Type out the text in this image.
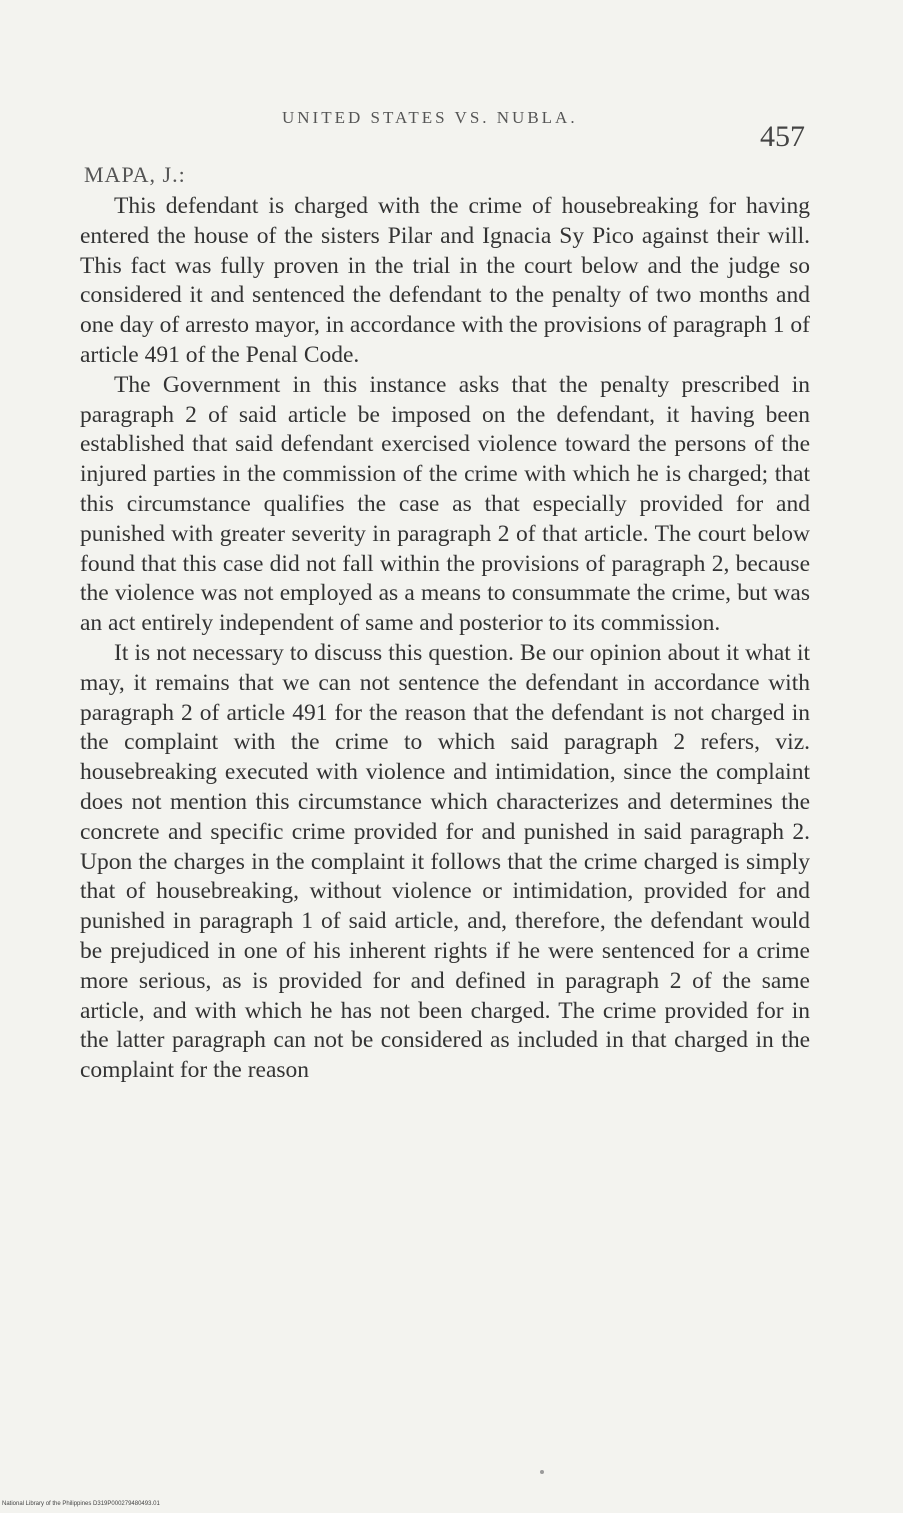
UNITED STATES VS. NUBLA.
457
MAPA, J.:

This defendant is charged with the crime of housebreaking for having entered the house of the sisters Pilar and Ignacia Sy Pico against their will. This fact was fully proven in the trial in the court below and the judge so considered it and sentenced the defendant to the penalty of two months and one day of arresto mayor, in accordance with the provisions of paragraph 1 of article 491 of the Penal Code.

The Government in this instance asks that the penalty prescribed in paragraph 2 of said article be imposed on the defendant, it having been established that said defendant exercised violence toward the persons of the injured parties in the commission of the crime with which he is charged; that this circumstance qualifies the case as that especially provided for and punished with greater severity in paragraph 2 of that article. The court below found that this case did not fall within the provisions of paragraph 2, because the violence was not employed as a means to consummate the crime, but was an act entirely independent of same and posterior to its commission.

It is not necessary to discuss this question. Be our opinion about it what it may, it remains that we can not sentence the defendant in accordance with paragraph 2 of article 491 for the reason that the defendant is not charged in the complaint with the crime to which said paragraph 2 refers, viz. housebreaking executed with violence and intimidation, since the complaint does not mention this circumstance which characterizes and determines the concrete and specific crime provided for and punished in said paragraph 2. Upon the charges in the complaint it follows that the crime charged is simply that of housebreaking, without violence or intimidation, provided for and punished in paragraph 1 of said article, and, therefore, the defendant would be prejudiced in one of his inherent rights if he were sentenced for a crime more serious, as is provided for and defined in paragraph 2 of the same article, and with which he has not been charged. The crime provided for in the latter paragraph can not be considered as included in that charged in the complaint for the reason

National Library of the Philippines D319P000279480493.01
